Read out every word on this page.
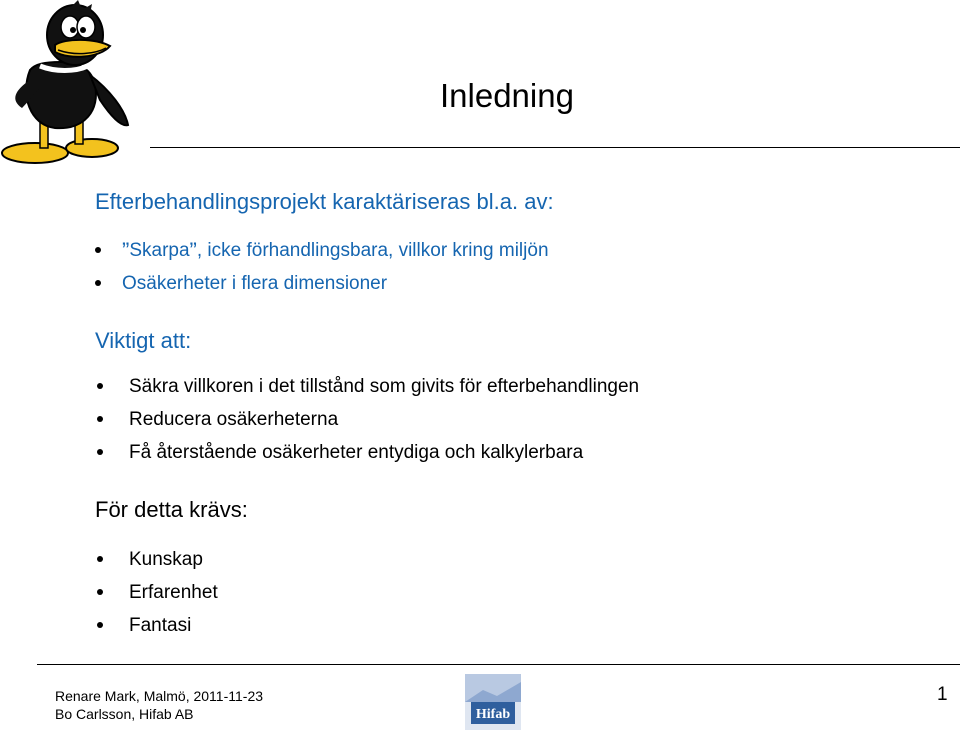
Inledning
Efterbehandlingsprojekt karaktäriseras bl.a. av:
”Skarpa”, icke förhandlingsbara, villkor kring miljön
Osäkerheter i flera dimensioner
Viktigt att:
Säkra villkoren i det tillstånd som givits för efterbehandlingen
Reducera osäkerheterna
Få återstående osäkerheter entydiga och kalkylerbara
För detta krävs:
Kunskap
Erfarenhet
Fantasi
Renare Mark, Malmö, 2011-11-23
Bo Carlsson, Hifab AB	Hifab
1
